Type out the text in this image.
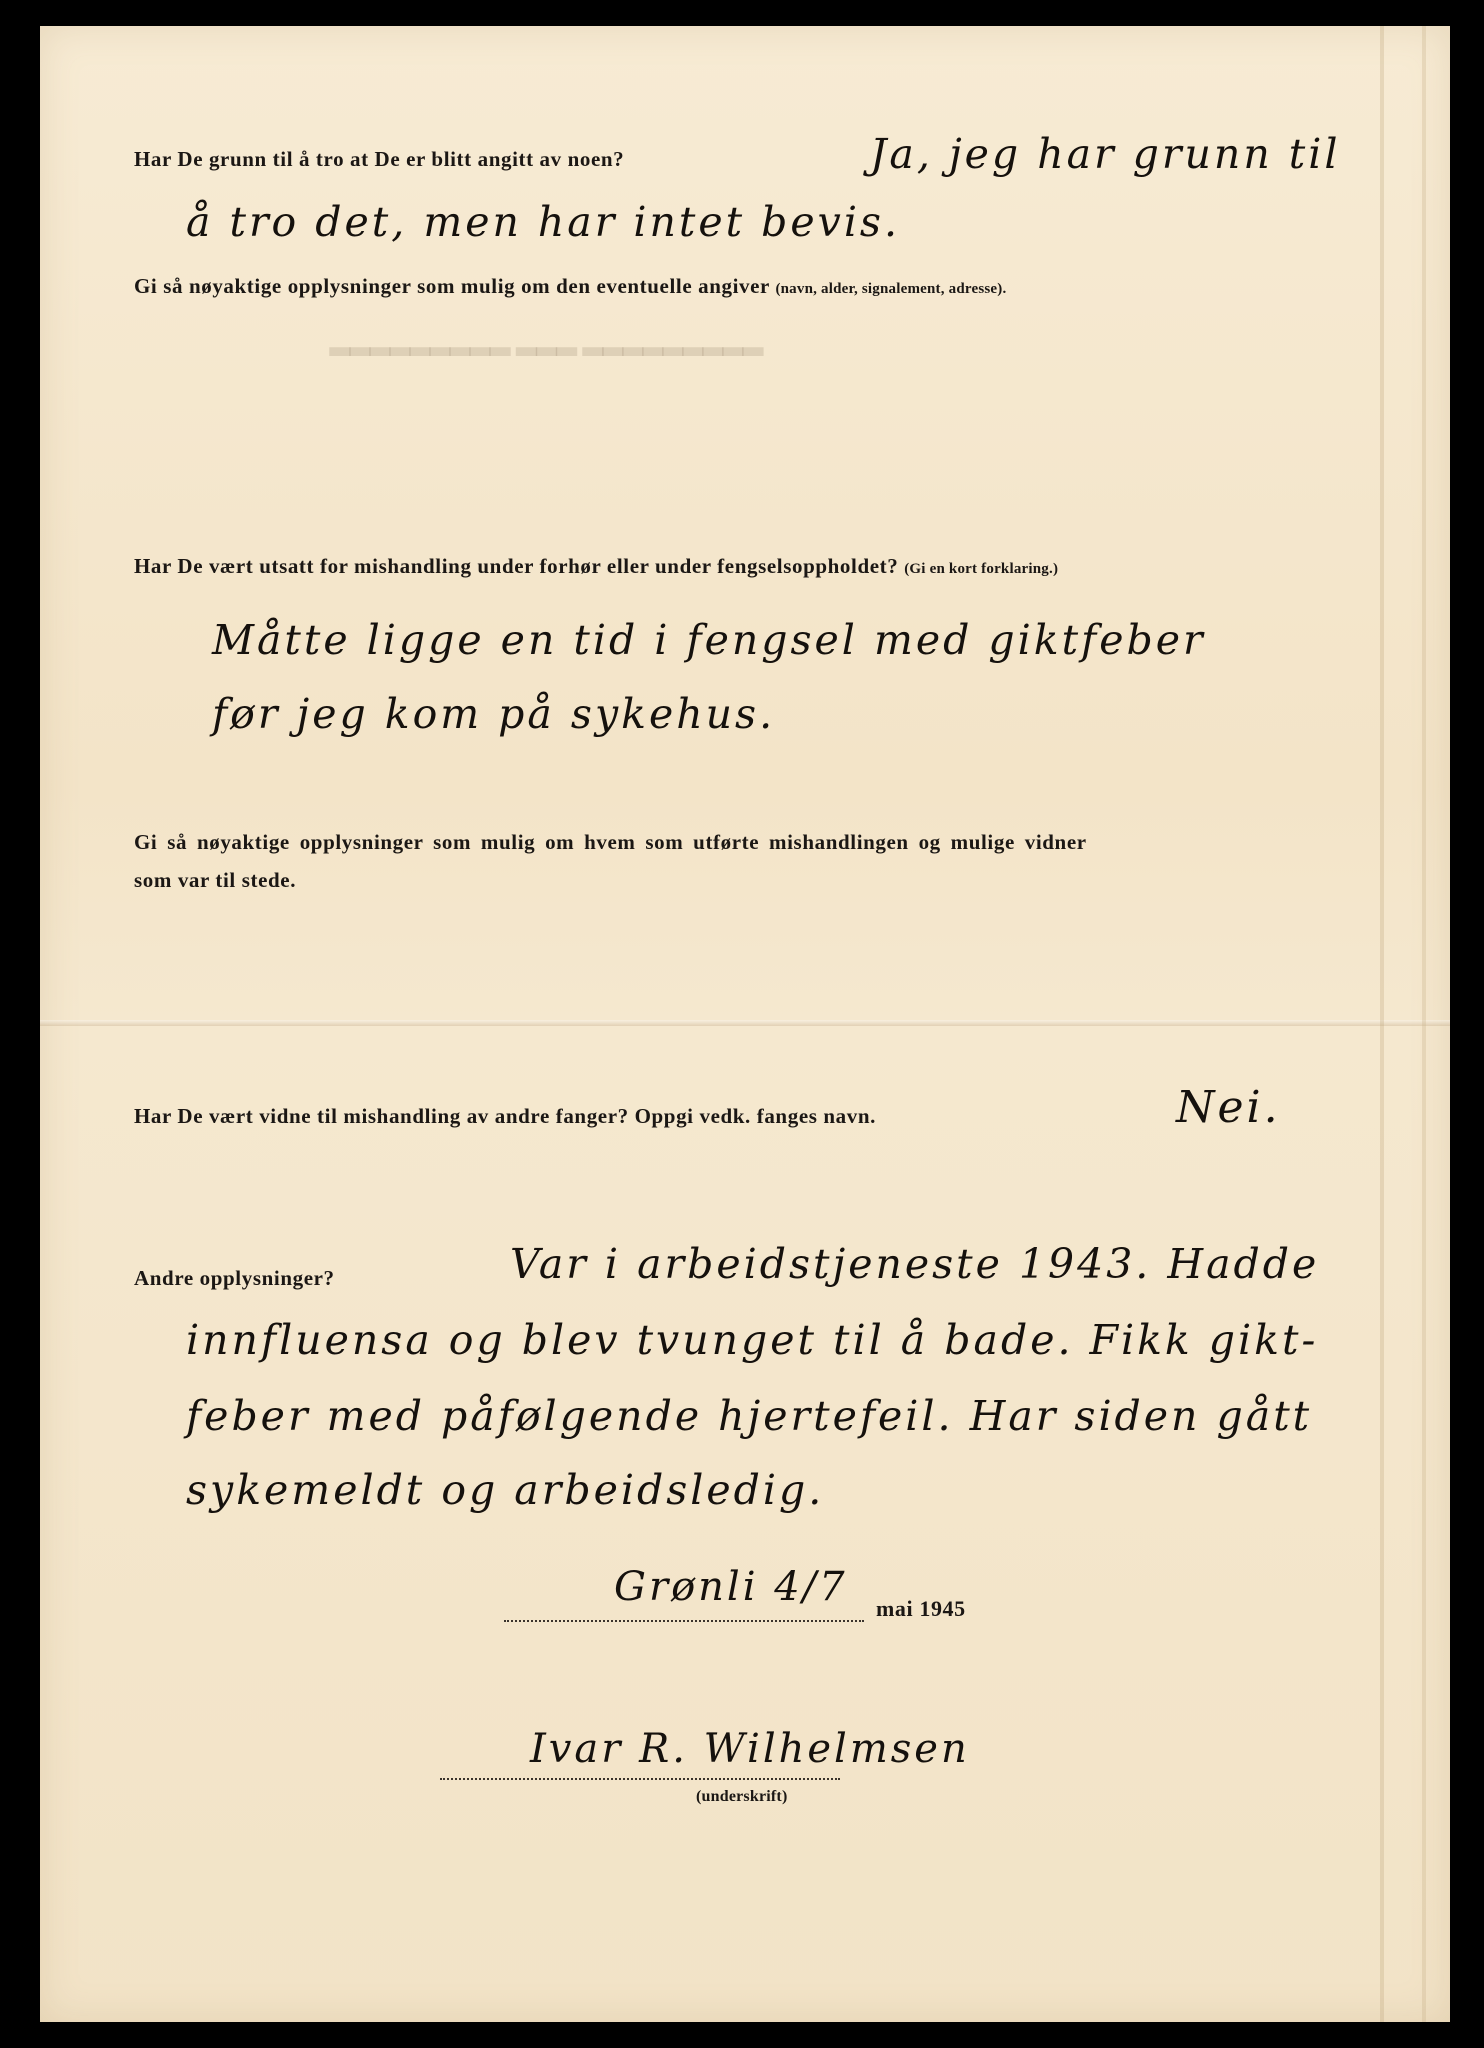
▂▂▂▂▂▂▂▂▂ ▂▂▂ ▂▂▂▂▂▂▂▂▂

Har De grunn til å tro at De er blitt angitt av noen?	Ja, jeg har grunn til

å tro det, men har intet bevis.

Gi så nøyaktige opplysninger som mulig om den eventuelle angiver (navn, alder, signalement, adresse).

Har De vært utsatt for mishandling under forhør eller under fengselsoppholdet? (Gi en kort forklaring.)

Måtte ligge en tid i fengsel med giktfeber

før jeg kom på sykehus.

Gi så nøyaktige opplysninger som mulig om hvem som utførte mishandlingen og mulige vidner

som var til stede.

Har De vært vidne til mishandling av andre fanger? Oppgi vedk. fanges navn.	Nei.

Andre opplysninger?	Var i arbeidstjeneste 1943. Hadde

innfluensa og blev tvunget til å bade. Fikk gikt-

feber med påfølgende hjertefeil. Har siden gått

sykemeldt og arbeidsledig.

Grønli 4/7 mai 1945

Ivar R. Wilhelmsen

(underskrift)
